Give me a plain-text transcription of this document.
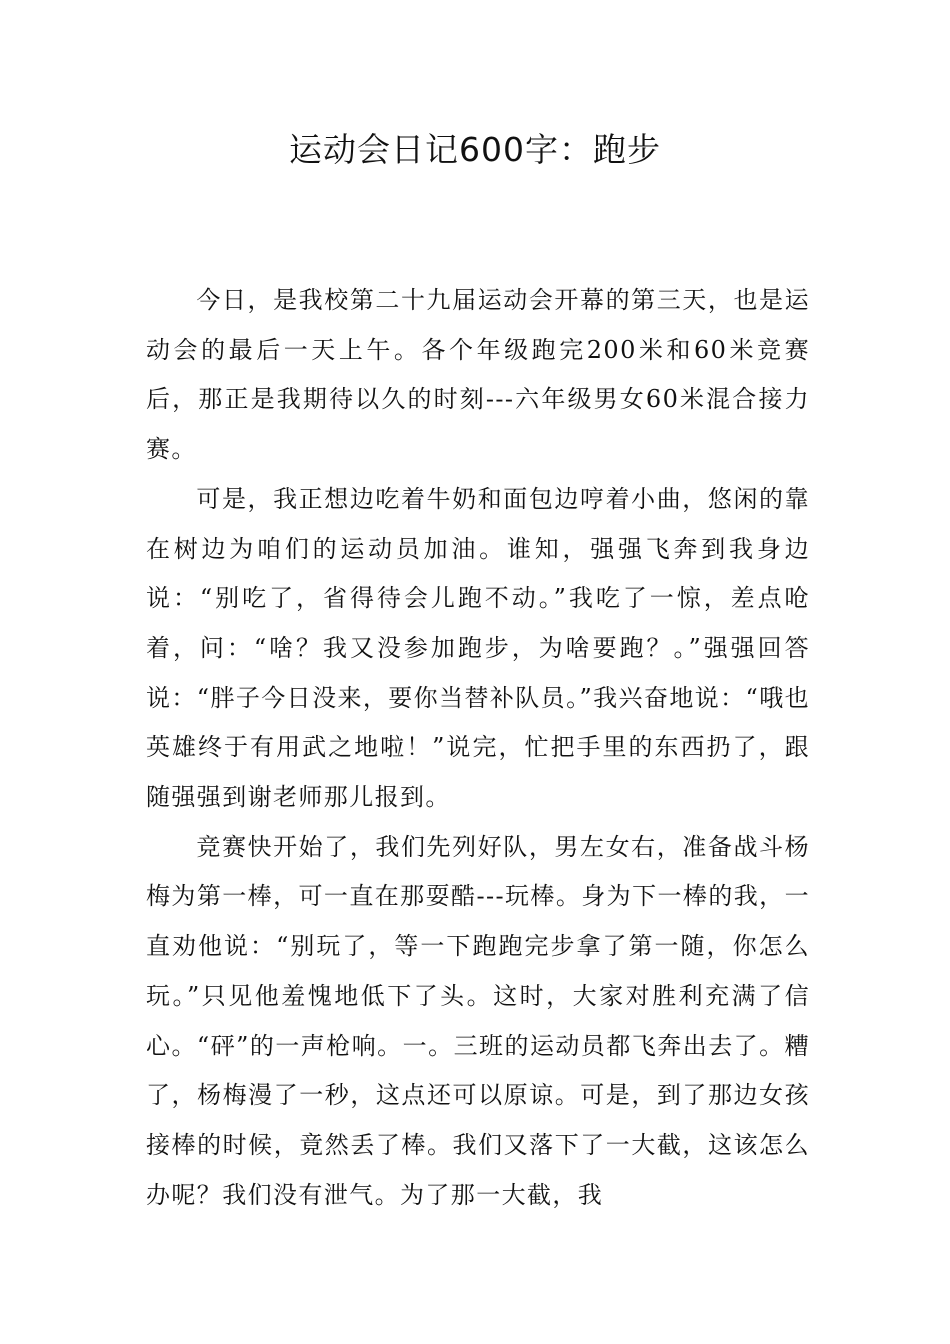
运动会日记600字：跑步

今日，是我校第二十九届运动会开幕的第三天，也是运动会的最后一天上午。各个年级跑完200米和60米竞赛后，那正是我期待以久的时刻---六年级男女60米混合接力赛。

可是，我正想边吃着牛奶和面包边哼着小曲，悠闲的靠在树边为咱们的运动员加油。谁知，强强飞奔到我身边说：“别吃了，省得待会儿跑不动。”我吃了一惊，差点呛着，问：“啥？我又没参加跑步，为啥要跑？。”强强回答说：“胖子今日没来，要你当替补队员。”我兴奋地说：“哦也英雄终于有用武之地啦！”说完，忙把手里的东西扔了，跟随强强到谢老师那儿报到。

竞赛快开始了，我们先列好队，男左女右，准备战斗杨梅为第一棒，可一直在那耍酷---玩棒。身为下一棒的我，一直劝他说：“别玩了，等一下跑跑完步拿了第一随，你怎么玩。”只见他羞愧地低下了头。这时，大家对胜利充满了信心。“砰”的一声枪响。一。三班的运动员都飞奔出去了。糟了，杨梅漫了一秒，这点还可以原谅。可是，到了那边女孩接棒的时候，竟然丢了棒。我们又落下了一大截，这该怎么办呢？我们没有泄气。为了那一大截，我
